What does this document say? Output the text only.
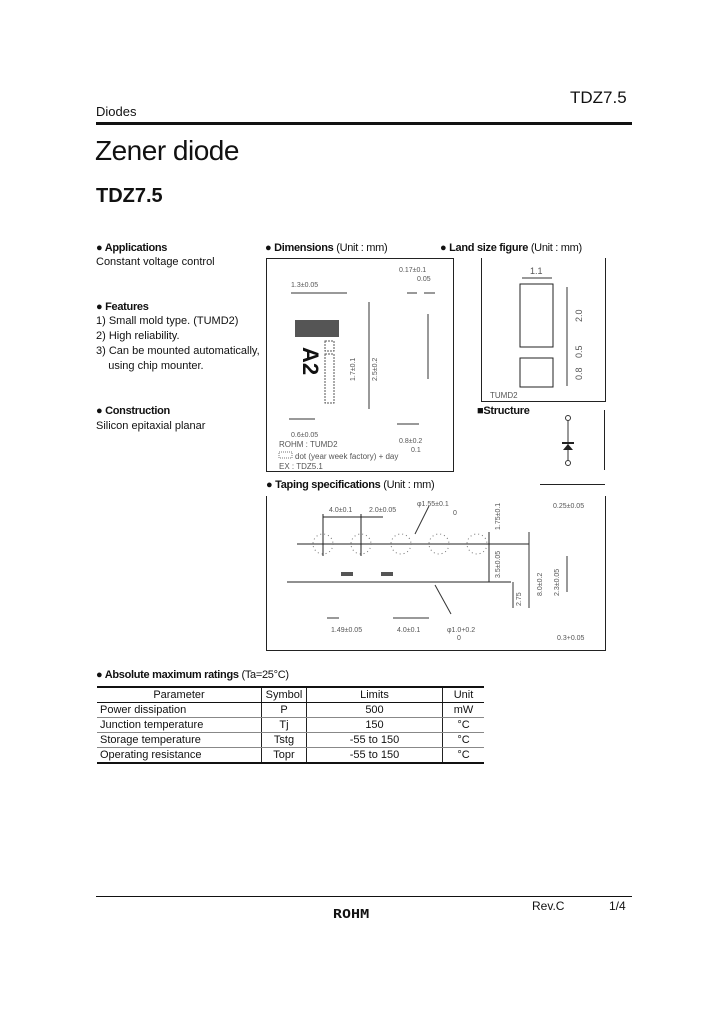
Diodes
TDZ7.5
Zener diode
TDZ7.5
● Applications
Constant voltage control
● Features
1) Small mold type. (TUMD2)
2) High reliability.
3) Can be mounted automatically,
using chip mounter.
● Construction
Silicon epitaxial planar
● Dimensions (Unit : mm)
1.3±0.05
0.17±0.1
0.05
1.7±0.1 2.5±0.2
0.6±0.05
0.8±0.2
0.1
ROHM : TUMD2
dot (year week factory) + day
EX : TDZ5.1
A2
● Land size figure (Unit : mm)
1.1
2.0
0.5
0.8
TUMD2
■Structure
● Taping specifications (Unit : mm)
4.0±0.1 2.0±0.05
φ1.55±0.1
0	1.75±0.1
3.5±0.05
8.0±0.2
2.75
0.25±0.05
2.3±0.05
1.49±0.05	4.0±0.1	φ1.0+0.2
0	0.3+0.05
● Absolute maximum ratings (Ta=25°C)
Parameter	Symbol	Limits	Unit
Power dissipation	P	500	mW
Junction temperature	Tj	150	°C
Storage temperature	Tstg	-55 to 150	°C
Operating resistance	Topr	-55 to 150	°C
Rev.C	1/4
ROHM
